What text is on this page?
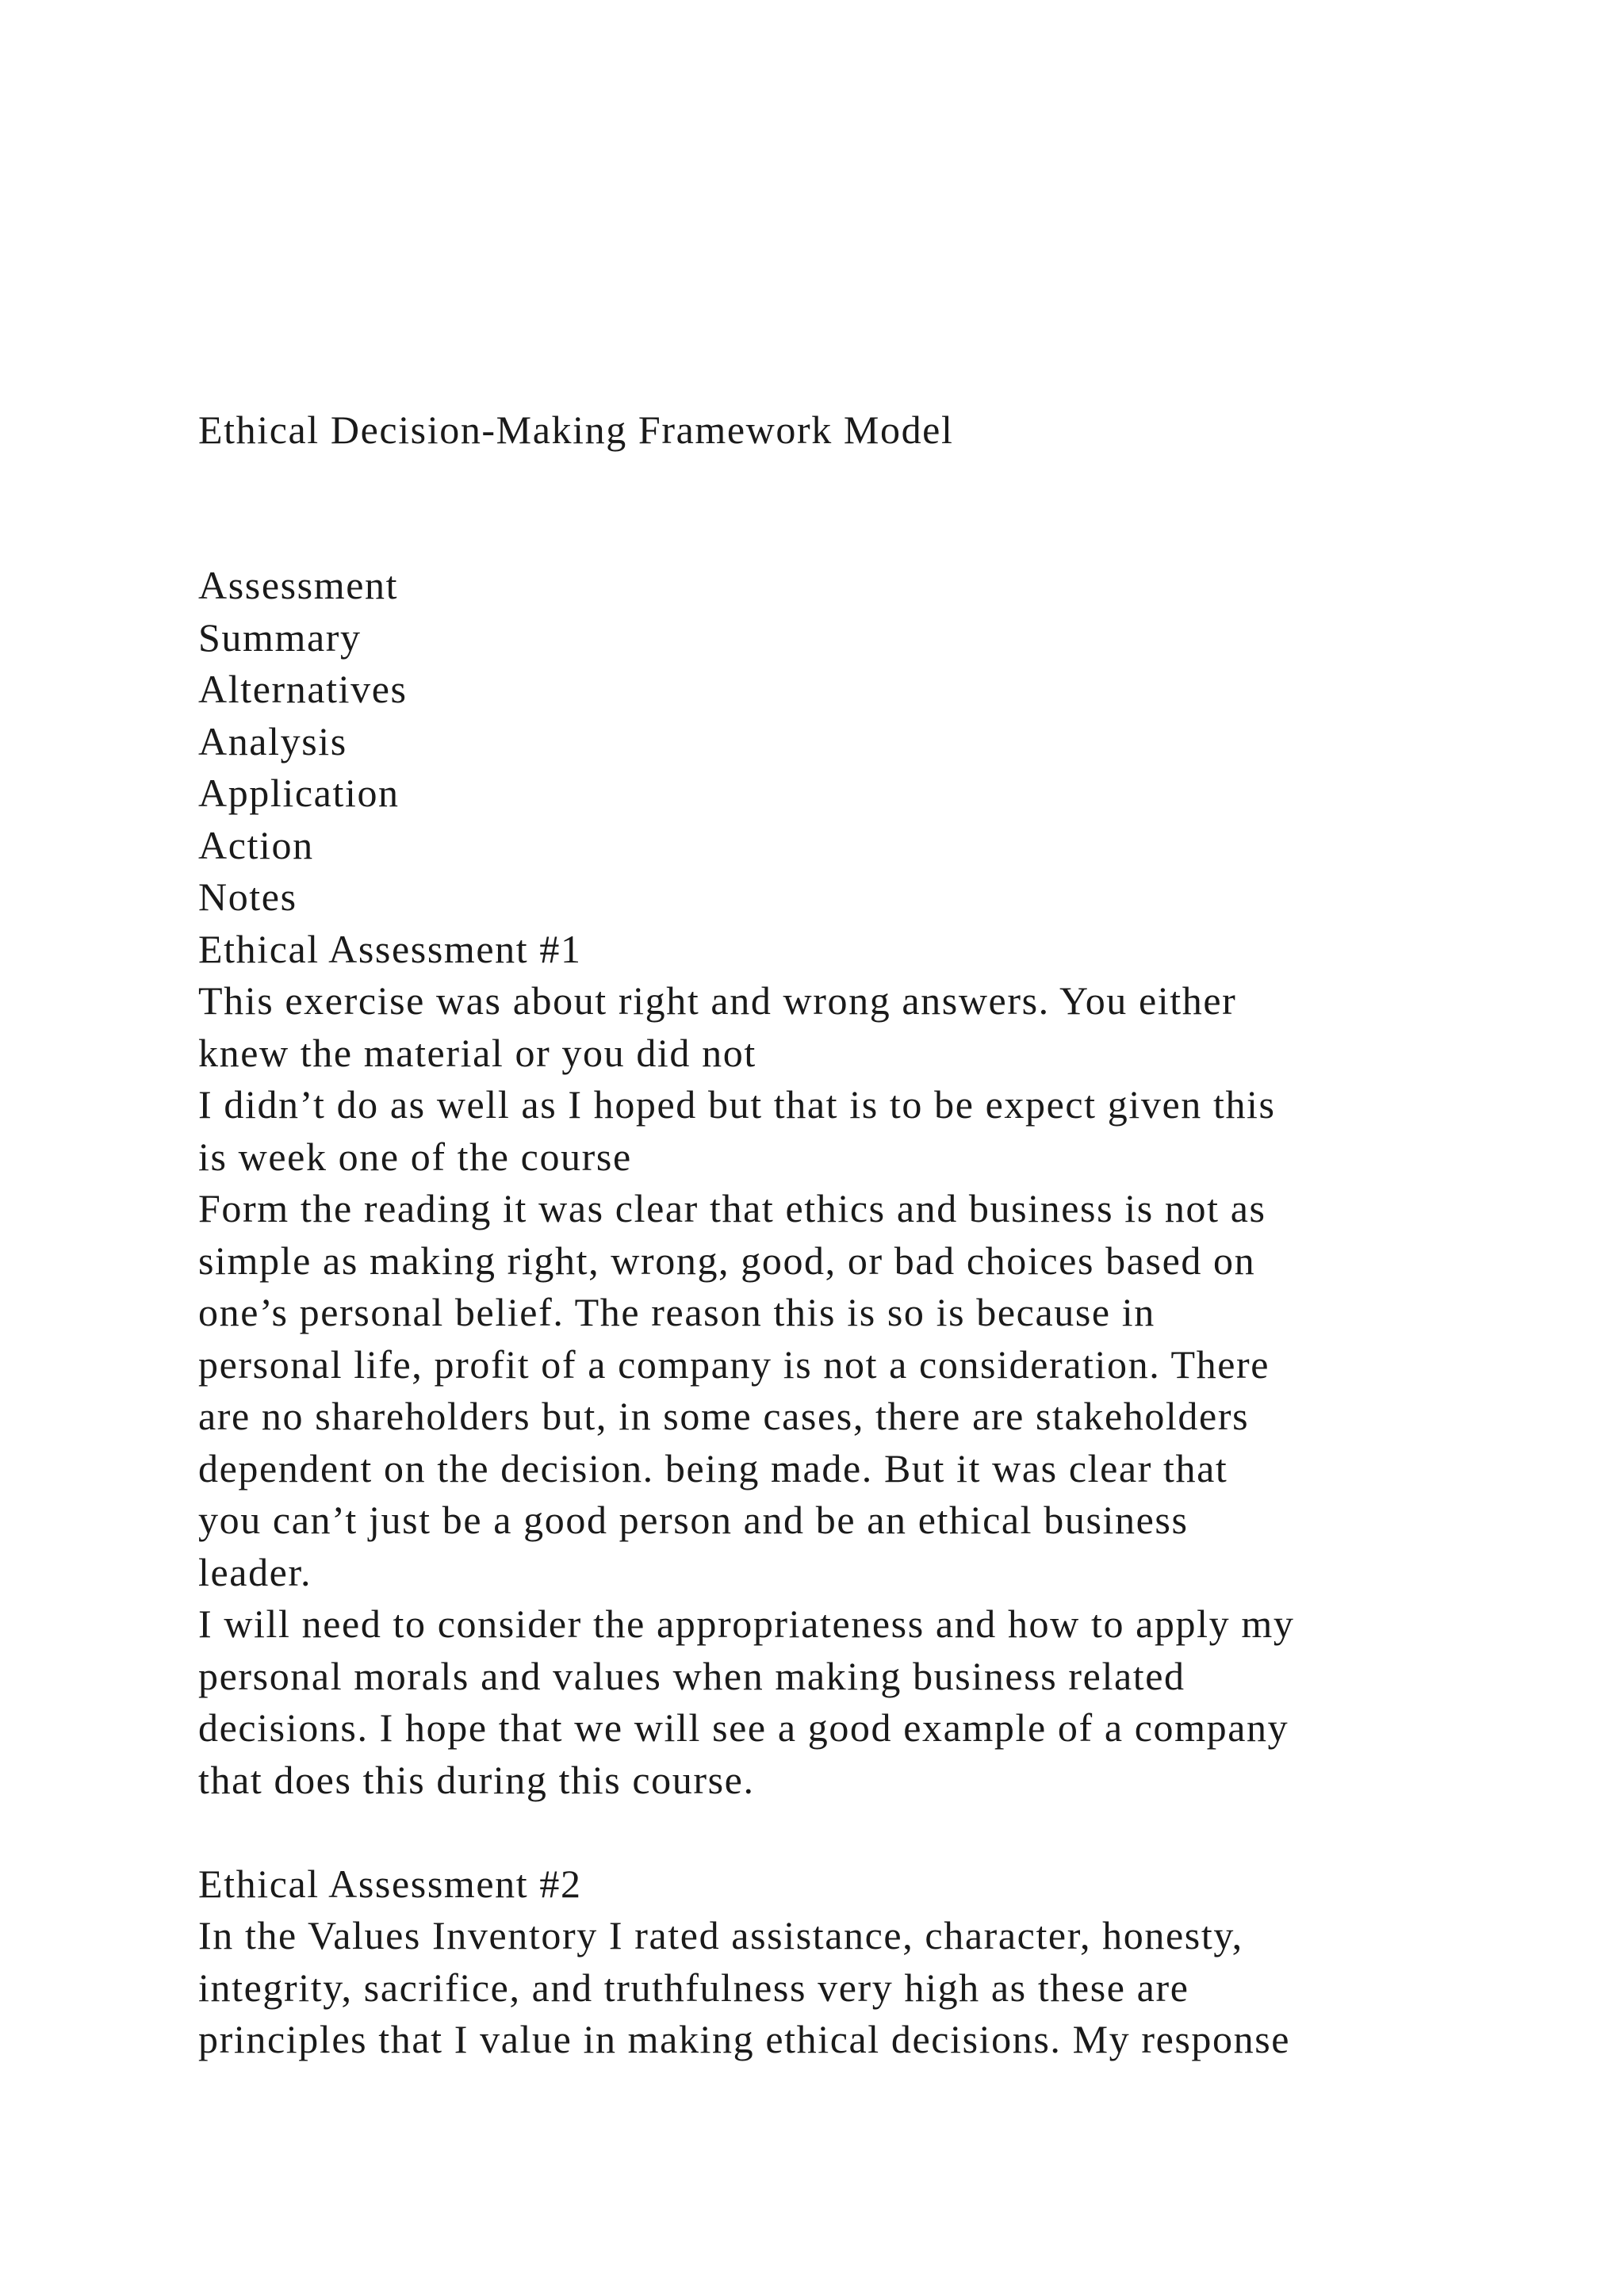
Ethical Decision-Making Framework Model
Assessment
Summary
Alternatives
Analysis
Application
Action
Notes
Ethical Assessment #1
This exercise was about right and wrong answers. You either
knew the material or you did not
I didn’t do as well as I hoped but that is to be expect given this
is week one of the course
Form the reading it was clear that ethics and business is not as
simple as making right, wrong, good, or bad choices based on
one’s personal belief. The reason this is so is because in
personal life, profit of a company is not a consideration. There
are no shareholders but, in some cases, there are stakeholders
dependent on the decision. being made. But it was clear that
you can’t just be a good person and be an ethical business
leader.
I will need to consider the appropriateness and how to apply my
personal morals and values when making business related
decisions. I hope that we will see a good example of a company
that does this during this course.
Ethical Assessment #2
In the Values Inventory I rated assistance, character, honesty,
integrity, sacrifice, and truthfulness very high as these are
principles that I value in making ethical decisions. My response
